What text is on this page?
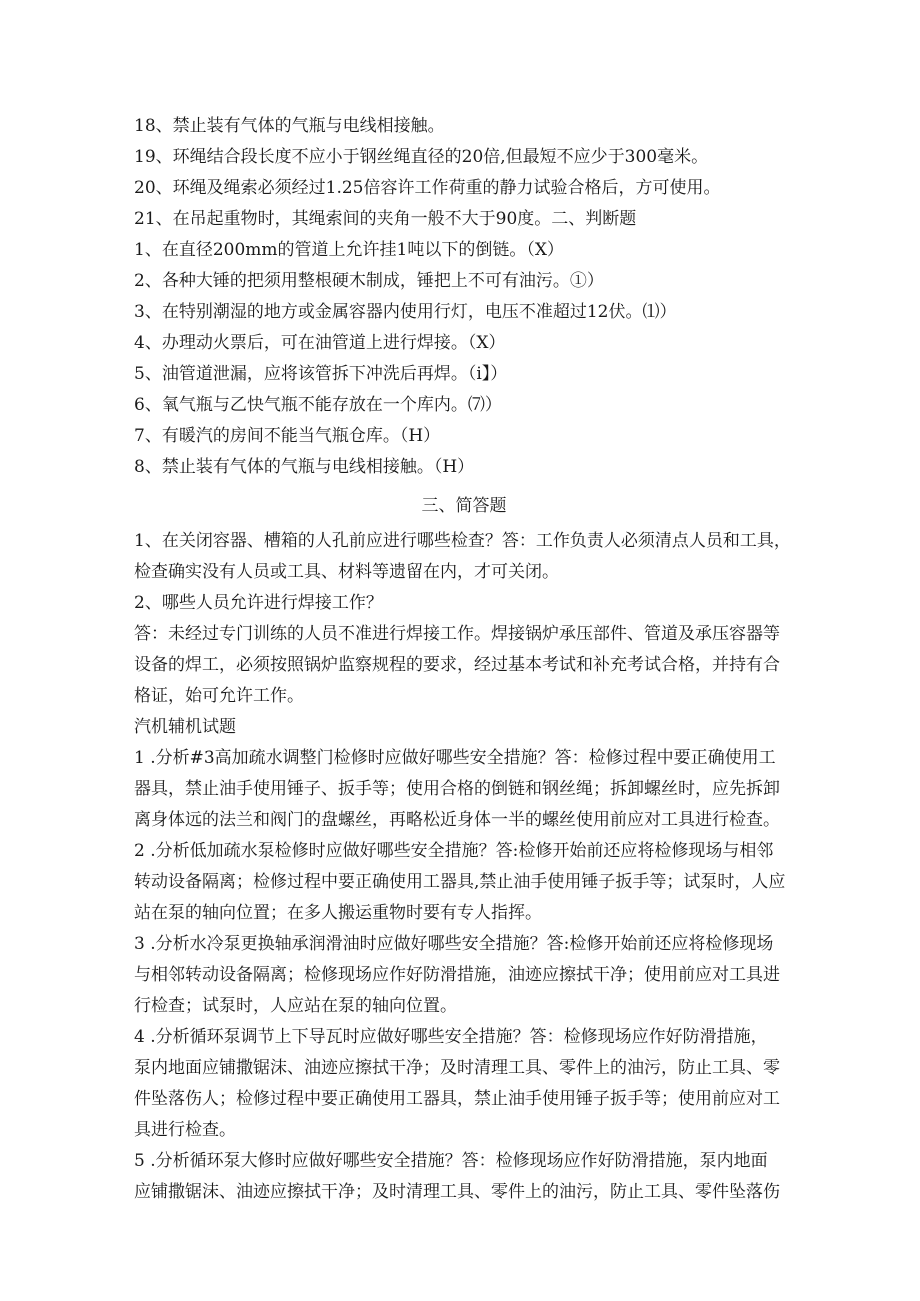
18、禁止装有气体的气瓶与电线相接触。
19、环绳结合段长度不应小于钢丝绳直径的20倍,但最短不应少于300毫米。
20、环绳及绳索必须经过1.25倍容许工作荷重的静力试验合格后，方可使用。
21、在吊起重物时，其绳索间的夹角一般不大于90度。二、判断题
1、在直径200mm的管道上允许挂1吨以下的倒链。（X）
2、各种大锤的把须用整根硬木制成，锤把上不可有油污。①）
3、在特别潮湿的地方或金属容器内使用行灯，电压不准超过12伏。⑴）
4、办理动火票后，可在油管道上进行焊接。（X）
5、油管道泄漏，应将该管拆下冲洗后再焊。（i】）
6、氧气瓶与乙快气瓶不能存放在一个库内。⑺）
7、有暖汽的房间不能当气瓶仓库。（H）
8、禁止装有气体的气瓶与电线相接触。（H）
三、简答题
1、在关闭容器、槽箱的人孔前应进行哪些检查？答：工作负责人必须清点人员和工具，
检查确实没有人员或工具、材料等遗留在内，才可关闭。
2、哪些人员允许进行焊接工作？
答：未经过专门训练的人员不准进行焊接工作。焊接锅炉承压部件、管道及承压容器等
设备的焊工，必须按照锅炉监察规程的要求，经过基本考试和补充考试合格，并持有合
格证，始可允许工作。
汽机辅机试题
1 .分析#3高加疏水调整门检修时应做好哪些安全措施？答：检修过程中要正确使用工
器具，禁止油手使用锤子、扳手等；使用合格的倒链和钢丝绳；拆卸螺丝时，应先拆卸
离身体远的法兰和阀门的盘螺丝，再略松近身体一半的螺丝使用前应对工具进行检查。
2 .分析低加疏水泵检修时应做好哪些安全措施？答:检修开始前还应将检修现场与相邻
转动设备隔离；检修过程中要正确使用工器具,禁止油手使用锤子扳手等；试泵时，人应
站在泵的轴向位置；在多人搬运重物时要有专人指挥。
3 .分析水冷泵更换轴承润滑油时应做好哪些安全措施？答:检修开始前还应将检修现场
与相邻转动设备隔离；检修现场应作好防滑措施，油迹应擦拭干净；使用前应对工具进
行检查；试泵时，人应站在泵的轴向位置。
4 .分析循环泵调节上下导瓦时应做好哪些安全措施？答：检修现场应作好防滑措施，
泵内地面应铺撒锯沫、油迹应擦拭干净；及时清理工具、零件上的油污，防止工具、零
件坠落伤人；检修过程中要正确使用工器具，禁止油手使用锤子扳手等；使用前应对工
具进行检查。
5 .分析循环泵大修时应做好哪些安全措施？答：检修现场应作好防滑措施，泵内地面
应铺撒锯沫、油迹应擦拭干净；及时清理工具、零件上的油污，防止工具、零件坠落伤
